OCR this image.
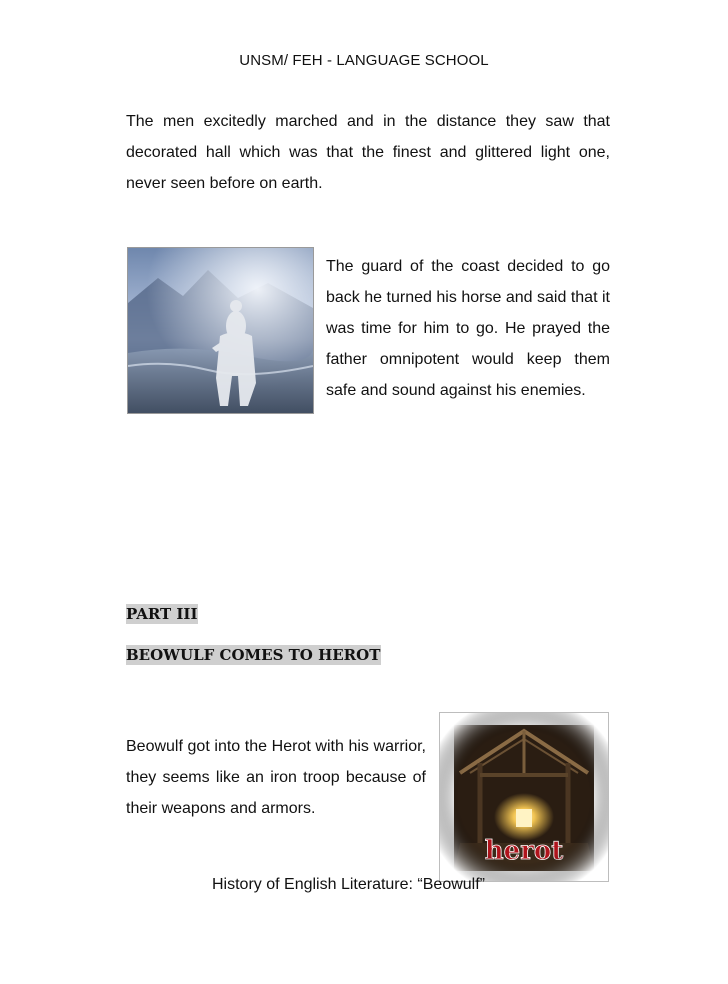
UNSM/ FEH - LANGUAGE SCHOOL

The men excitedly marched and in the distance they saw that decorated hall which was that the finest and glittered light one, never seen before on earth.

The guard of the coast decided to go back he turned his horse and said that it was time for him to go. He prayed the father omnipotent would keep them safe and sound against his enemies.

PART III
BEOWULF COMES TO HEROT

Beowulf got into the Herot with his warrior, they seems like an iron troop because of their weapons and armors.

History of English Literature: “Beowulf”
